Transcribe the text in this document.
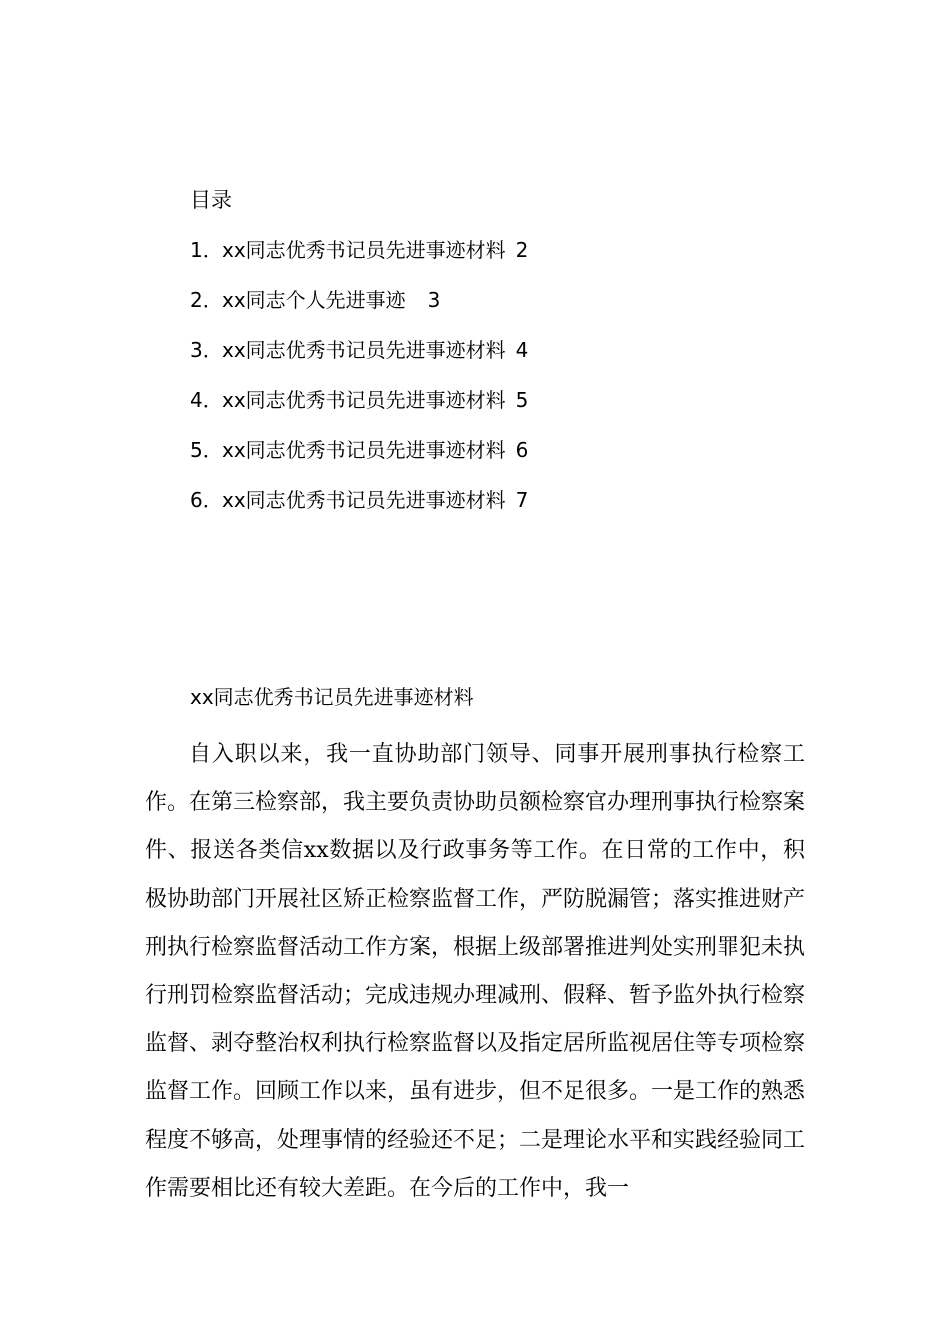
目录
1． xx同志优秀书记员先进事迹材料 2
2． xx同志个人先进事迹 3
3． xx同志优秀书记员先进事迹材料 4
4． xx同志优秀书记员先进事迹材料 5
5． xx同志优秀书记员先进事迹材料 6
6． xx同志优秀书记员先进事迹材料 7
xx同志优秀书记员先进事迹材料

自入职以来，我一直协助部门领导、同事开展刑事执行检察工作。在第三检察部，我主要负责协助员额检察官办理刑事执行检察案件、报送各类信xx数据以及行政事务等工作。在日常的工作中，积极协助部门开展社区矫正检察监督工作，严防脱漏管；落实推进财产刑执行检察监督活动工作方案，根据上级部署推进判处实刑罪犯未执行刑罚检察监督活动；完成违规办理减刑、假释、暂予监外执行检察监督、剥夺整治权利执行检察监督以及指定居所监视居住等专项检察监督工作。回顾工作以来，虽有进步，但不足很多。一是工作的熟悉程度不够高，处理事情的经验还不足；二是理论水平和实践经验同工作需要相比还有较大差距。在今后的工作中，我一
